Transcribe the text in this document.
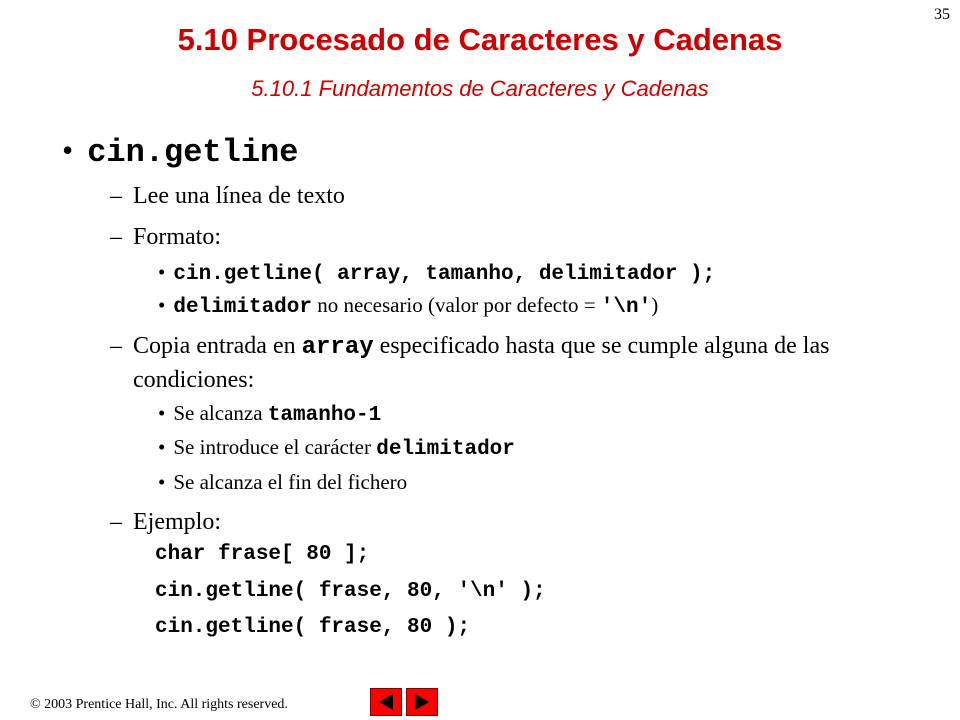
35
5.10 Procesado de Caracteres y Cadenas
5.10.1 Fundamentos de Caracteres y Cadenas
• cin.getline
– Lee una línea de texto
– Formato:
• cin.getline( array, tamanho, delimitador );
• delimitador no necesario (valor por defecto = '\n')
– Copia entrada en array especificado hasta que se cumple alguna de las condiciones:
• Se alcanza tamanho-1
• Se introduce el carácter delimitador
• Se alcanza el fin del fichero
– Ejemplo:
char frase[ 80 ];
cin.getline( frase, 80, '\n' );
cin.getline( frase, 80 );
© 2003 Prentice Hall, Inc. All rights reserved.
